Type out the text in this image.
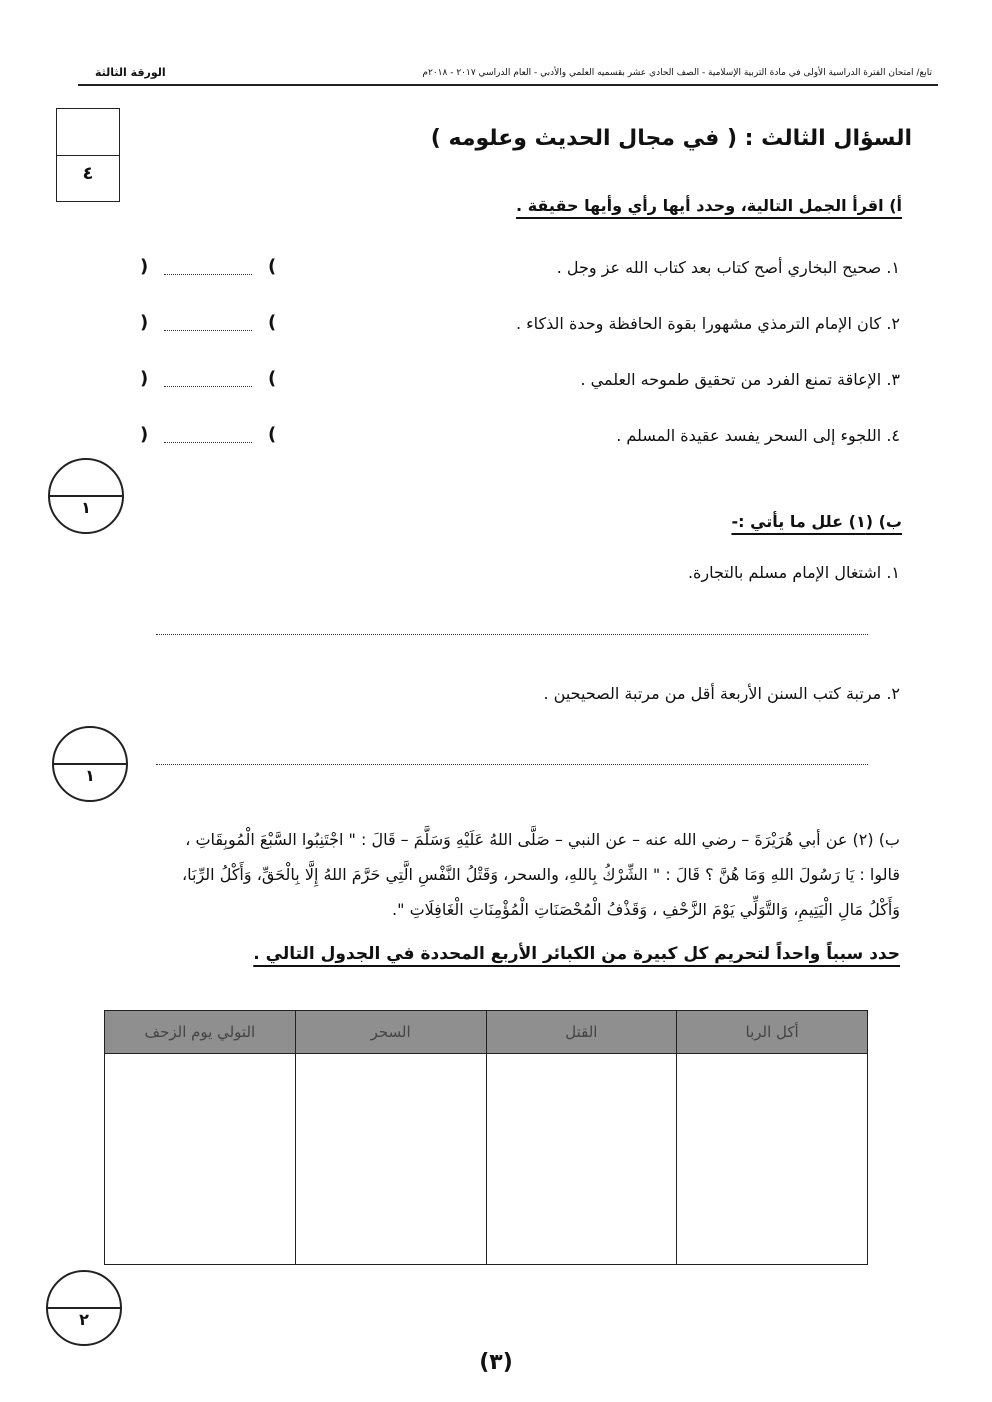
تابع/ امتحان الفترة الدراسية الأولى في مادة التربية الإسلامية - الصف الحادي عشر بقسميه العلمي والأدبي - العام الدراسي ٢٠١٧ - ٢٠١٨م
الورقة الثالثة
السؤال الثالث : ( في مجال الحديث وعلومه )
٤
أ) اقرأ الجمل التالية، وحدد أيها رأي وأيها حقيقة .
١. صحيح البخاري أصح كتاب بعد كتاب الله عز وجل .
)	(
٢. كان الإمام الترمذي مشهورا بقوة الحافظة وحدة الذكاء .
)	(
٣. الإعاقة تمنع الفرد من تحقيق طموحه العلمي .
)	(
٤. اللجوء إلى السحر يفسد عقيدة المسلم .
)	(
١
ب) (١) علل ما يأتي :-
١. اشتغال الإمام مسلم بالتجارة.
٢. مرتبة كتب السنن الأربعة أقل من مرتبة الصحيحين .
١
ب) (٢) عن أبي هُرَيْرَةَ – رضي الله عنه – عن النبي – صَلَّى اللهُ عَلَيْهِ وَسَلَّمَ – قَالَ : " اجْتَنِبُوا السَّبْعَ الْمُوبِقَاتِ ،
قالوا : يَا رَسُولَ اللهِ وَمَا هُنَّ ؟ قَالَ : " الشِّرْكُ بِاللهِ، والسحر، وَقَتْلُ النَّفْسِ الَّتِي حَرَّمَ اللهُ إِلَّا بِالْحَقِّ، وَأَكْلُ الرِّبَا،
وَأَكْلُ مَالِ الْيَتِيمِ، وَالتَّوَلِّي يَوْمَ الزَّحْفِ ، وَقَذْفُ الْمُحْصَنَاتِ الْمُؤْمِنَاتِ الْغَافِلَاتِ ".
حدد سبباً واحداً لتحريم كل كبيرة من الكبائر الأربع المحددة في الجدول التالي .
أكل الربا	القتل	السحر	التولي يوم الزحف

٢
(٣)
